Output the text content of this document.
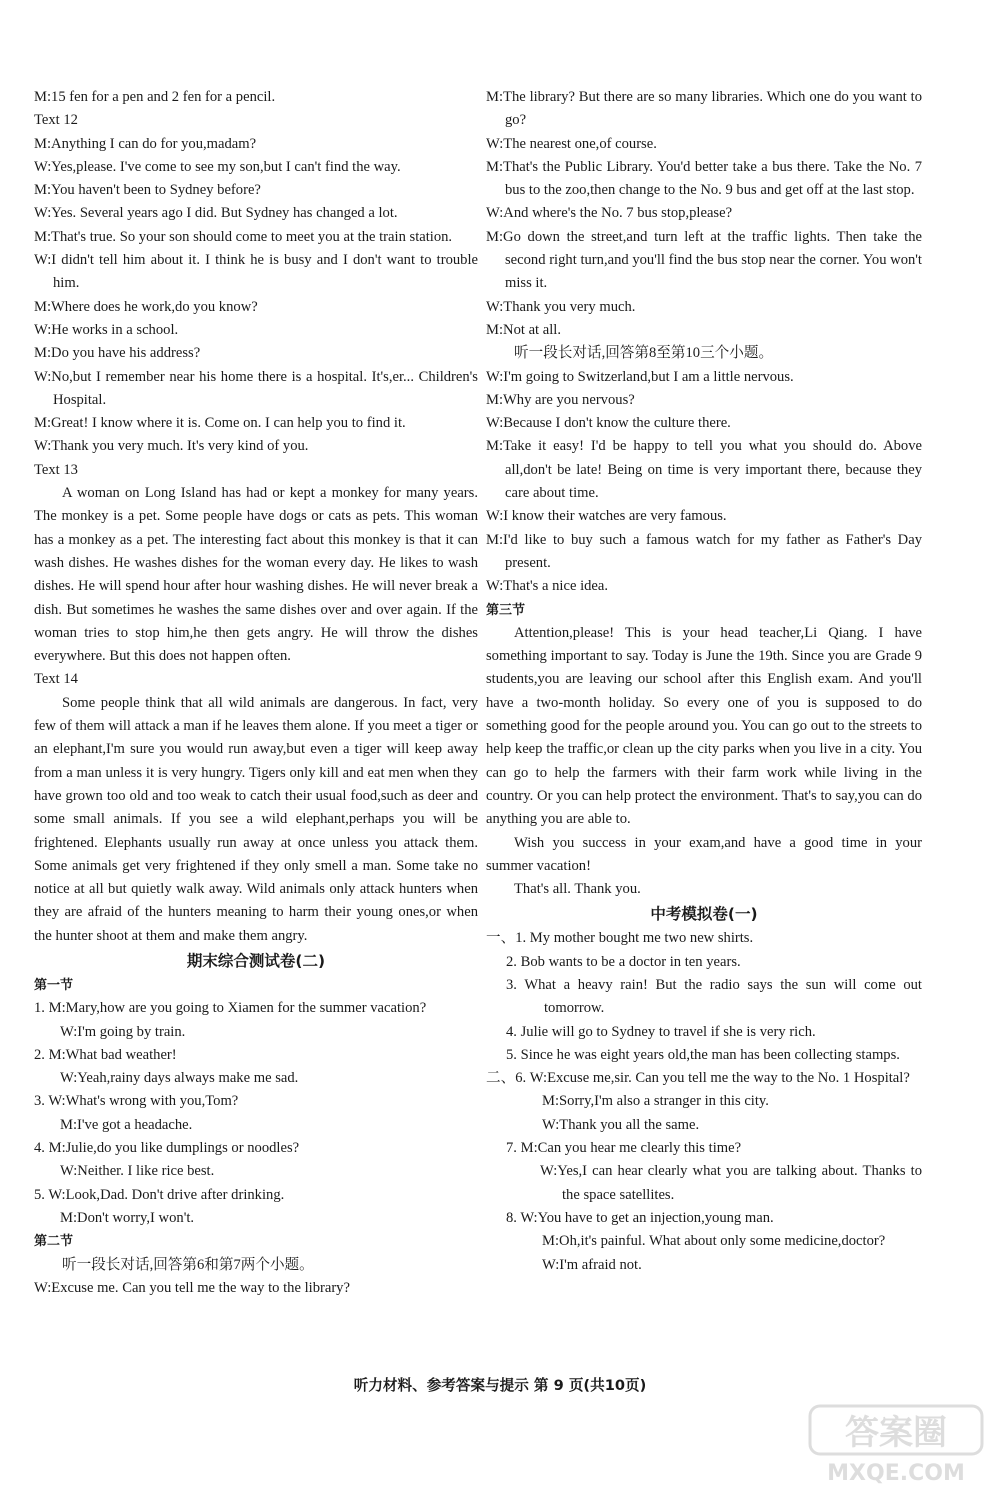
M:15 fen for a pen and 2 fen for a pencil.
Text 12
M:Anything I can do for you,madam?
W:Yes,please. I've come to see my son,but I can't find the way.
M:You haven't been to Sydney before?
W:Yes. Several years ago I did. But Sydney has changed a lot.
M:That's true. So your son should come to meet you at the train station.
W:I didn't tell him about it. I think he is busy and I don't want to trouble him.
M:Where does he work,do you know?
W:He works in a school.
M:Do you have his address?
W:No,but I remember near his home there is a hospital. It's,er... Children's Hospital.
M:Great! I know where it is. Come on. I can help you to find it.
W:Thank you very much. It's very kind of you.
Text 13
A woman on Long Island has had or kept a monkey for many years. The monkey is a pet. Some people have dogs or cats as pets. This woman has a monkey as a pet. The interesting fact about this monkey is that it can wash dishes. He washes dishes for the woman every day. He likes to wash dishes. He will spend hour after hour washing dishes. He will never break a dish. But sometimes he washes the same dishes over and over again. If the woman tries to stop him,he then gets angry. He will throw the dishes everywhere. But this does not happen often.
Text 14
Some people think that all wild animals are dangerous. In fact, very few of them will attack a man if he leaves them alone. If you meet a tiger or an elephant,I'm sure you would run away,but even a tiger will keep away from a man unless it is very hungry. Tigers only kill and eat men when they have grown too old and too weak to catch their usual food,such as deer and some small animals. If you see a wild elephant,perhaps you will be frightened. Elephants usually run away at once unless you attack them. Some animals get very frightened if they only smell a man. Some take no notice at all but quietly walk away. Wild animals only attack hunters when they are afraid of the hunters meaning to harm their young ones,or when the hunter shoot at them and make them angry.
期末综合测试卷(二)
第一节
1. M:Mary,how are you going to Xiamen for the summer vacation?
W:I'm going by train.
2. M:What bad weather!
W:Yeah,rainy days always make me sad.
3. W:What's wrong with you,Tom?
M:I've got a headache.
4. M:Julie,do you like dumplings or noodles?
W:Neither. I like rice best.
5. W:Look,Dad. Don't drive after drinking.
M:Don't worry,I won't.
第二节
听一段长对话,回答第6和第7两个小题。
W:Excuse me. Can you tell me the way to the library?
M:The library? But there are so many libraries. Which one do you want to go?
W:The nearest one,of course.
M:That's the Public Library. You'd better take a bus there. Take the No. 7 bus to the zoo,then change to the No. 9 bus and get off at the last stop.
W:And where's the No. 7 bus stop,please?
M:Go down the street,and turn left at the traffic lights. Then take the second right turn,and you'll find the bus stop near the corner. You won't miss it.
W:Thank you very much.
M:Not at all.
听一段长对话,回答第8至第10三个小题。
W:I'm going to Switzerland,but I am a little nervous.
M:Why are you nervous?
W:Because I don't know the culture there.
M:Take it easy! I'd be happy to tell you what you should do. Above all,don't be late! Being on time is very important there, because they care about time.
W:I know their watches are very famous.
M:I'd like to buy such a famous watch for my father as Father's Day present.
W:That's a nice idea.
第三节
Attention,please! This is your head teacher,Li Qiang. I have something important to say. Today is June the 19th. Since you are Grade 9 students,you are leaving our school after this English exam. And you'll have a two-month holiday. So every one of you is supposed to do something good for the people around you. You can go out to the streets to help keep the traffic,or clean up the city parks when you live in a city. You can go to help the farmers with their farm work while living in the country. Or you can help protect the environment. That's to say,you can do anything you are able to.
Wish you success in your exam,and have a good time in your summer vacation!
That's all. Thank you.
中考模拟卷(一)
一、1. My mother bought me two new shirts.
2. Bob wants to be a doctor in ten years.
3. What a heavy rain! But the radio says the sun will come out tomorrow.
4. Julie will go to Sydney to travel if she is very rich.
5. Since he was eight years old,the man has been collecting stamps.
二、6. W:Excuse me,sir. Can you tell me the way to the No. 1 Hospital?
M:Sorry,I'm also a stranger in this city.
W:Thank you all the same.
7. M:Can you hear me clearly this time?
W:Yes,I can hear clearly what you are talking about. Thanks to the space satellites.
8. W:You have to get an injection,young man.
M:Oh,it's painful. What about only some medicine,doctor?
W:I'm afraid not.
听力材料、参考答案与提示 第 9 页(共10页)
答案圈
MXQE.COM
